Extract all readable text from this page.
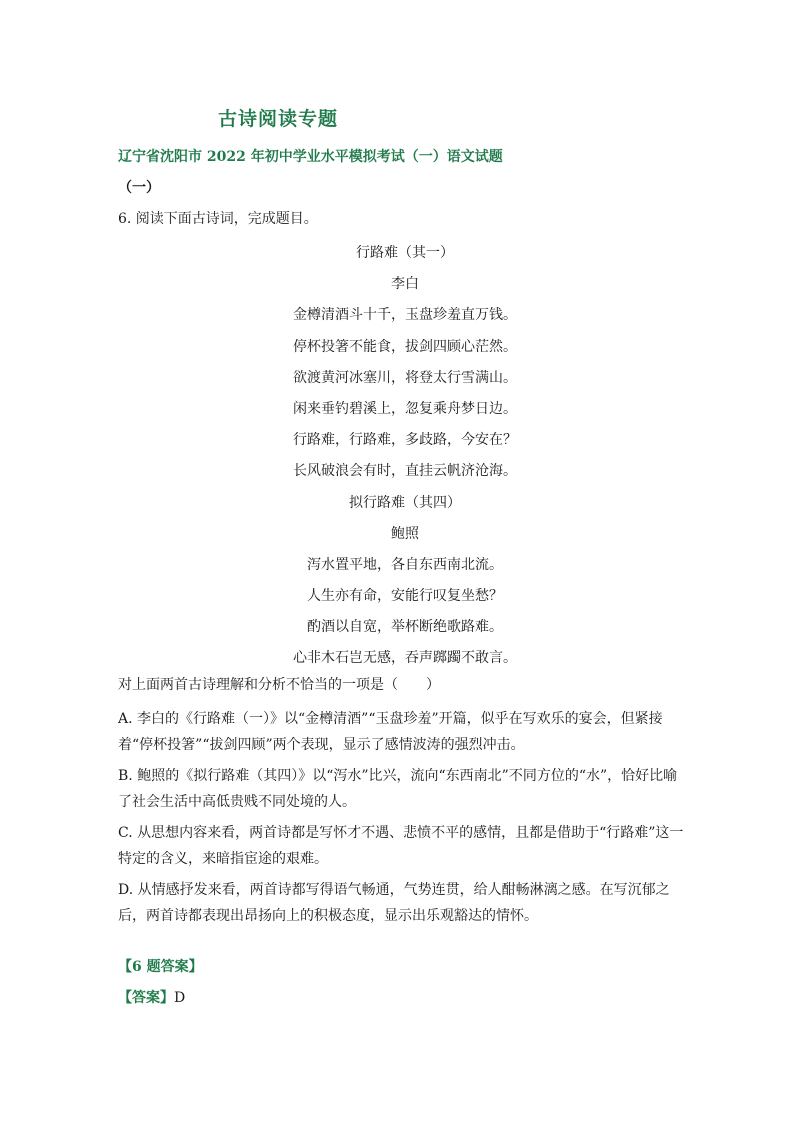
古诗阅读专题
辽宁省沈阳市 2022 年初中学业水平模拟考试（一）语文试题
（一）
6. 阅读下面古诗词，完成题目。
行路难（其一）
李白
金樽清酒斗十千，玉盘珍羞直万钱。
停杯投箸不能食，拔剑四顾心茫然。
欲渡黄河冰塞川，将登太行雪满山。
闲来垂钓碧溪上，忽复乘舟梦日边。
行路难，行路难，多歧路，今安在？
长风破浪会有时，直挂云帆济沧海。
拟行路难（其四）
鲍照
泻水置平地，各自东西南北流。
人生亦有命，安能行叹复坐愁？
酌酒以自宽，举杯断绝歌路难。
心非木石岂无感，吞声踯躅不敢言。
对上面两首古诗理解和分析不恰当的一项是（　　）
A. 李白的《行路难（一）》以“金樽清酒”“玉盘珍羞”开篇，似乎在写欢乐的宴会，但紧接着“停杯投箸”“拔剑四顾”两个表现，显示了感情波涛的强烈冲击。
B. 鲍照的《拟行路难（其四）》以“泻水”比兴，流向“东西南北”不同方位的“水”，恰好比喻了社会生活中高低贵贱不同处境的人。
C. 从思想内容来看，两首诗都是写怀才不遇、悲愤不平的感情，且都是借助于“行路难”这一特定的含义，来暗指宦途的艰难。
D. 从情感抒发来看，两首诗都写得语气畅通，气势连贯，给人酣畅淋漓之感。在写沉郁之后，两首诗都表现出昂扬向上的积极态度，显示出乐观豁达的情怀。
【6 题答案】
【答案】D
